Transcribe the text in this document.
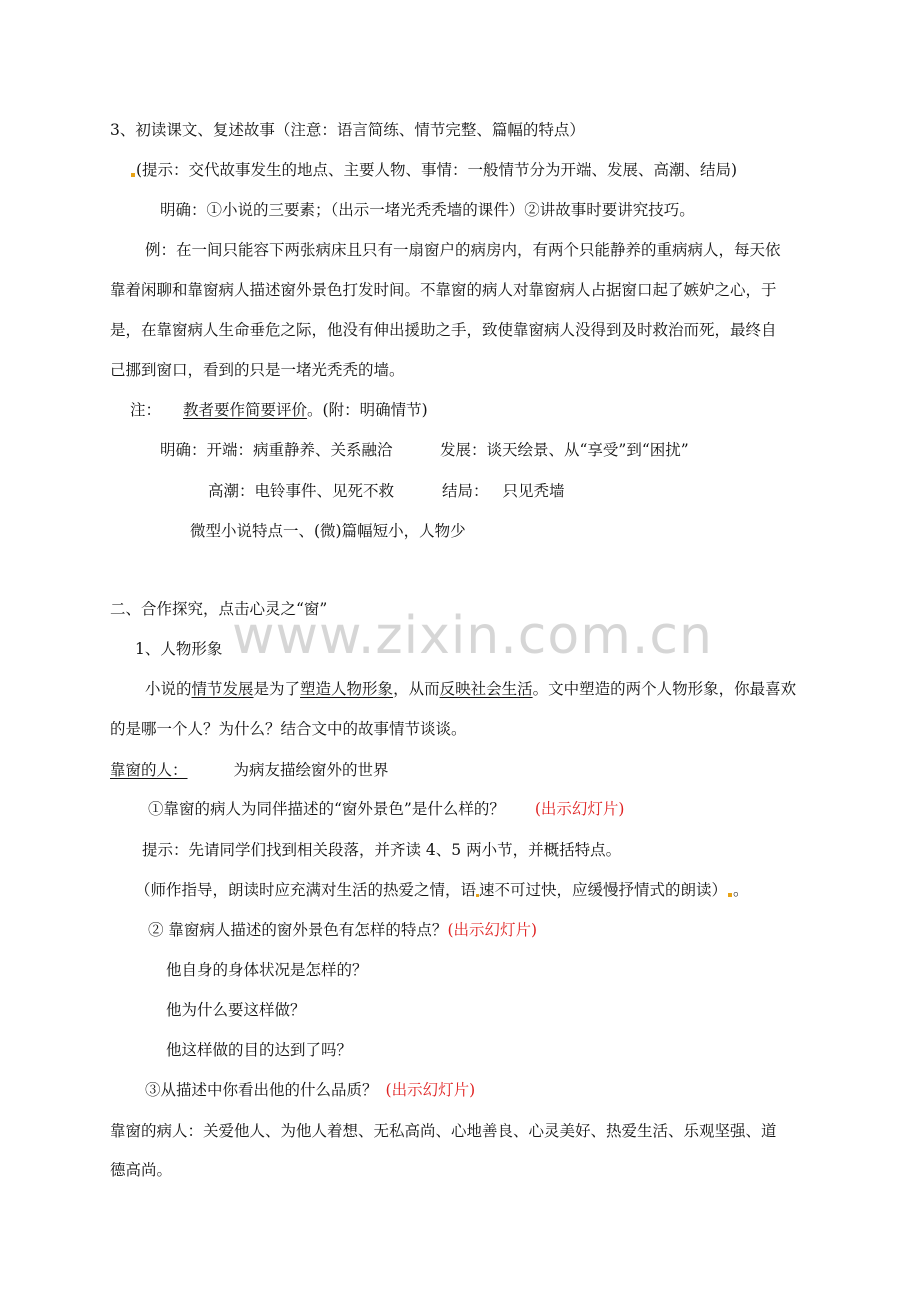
www.zixin.com.cn
3、初读课文、复述故事（注意：语言简练、情节完整、篇幅的特点）
(提示：交代故事发生的地点、主要人物、事情：一般情节分为开端、发展、高潮、结局)
明确：①小说的三要素；（出示一堵光秃秃墙的课件）②讲故事时要讲究技巧。
例：在一间只能容下两张病床且只有一扇窗户的病房内，有两个只能静养的重病病人，每天依
靠着闲聊和靠窗病人描述窗外景色打发时间。不靠窗的病人对靠窗病人占据窗口起了嫉妒之心，于
是，在靠窗病人生命垂危之际，他没有伸出援助之手，致使靠窗病人没得到及时救治而死，最终自
己挪到窗口，看到的只是一堵光秃秃的墙。
注： 教者要作简要评价。(附：明确情节)
明确：开端：病重静养、关系融洽	发展：谈天绘景、从“享受”到“困扰”
高潮：电铃事件、见死不救	结局： 只见秃墙
微型小说特点一、(微)篇幅短小，人物少
二、合作探究，点击心灵之“窗”
1、人物形象
小说的情节发展是为了塑造人物形象，从而反映社会生活。文中塑造的两个人物形象，你最喜欢
的是哪一个人？为什么？结合文中的故事情节谈谈。
靠窗的人：	为病友描绘窗外的世界
①靠窗的病人为同伴描述的“窗外景色”是什么样的？ (出示幻灯片)
提示：先请同学们找到相关段落，并齐读 4、5 两小节，并概括特点。
（师作指导，朗读时应充满对生活的热爱之情，语 速不可过快，应缓慢抒情式的朗读） 。
② 靠窗病人描述的窗外景色有怎样的特点？(出示幻灯片)
他自身的身体状况是怎样的？
他为什么要这样做？
他这样做的目的达到了吗？
③从描述中你看出他的什么品质？ (出示幻灯片)
靠窗的病人：关爱他人、为他人着想、无私高尚、心地善良、心灵美好、热爱生活、乐观坚强、道
德高尚。
